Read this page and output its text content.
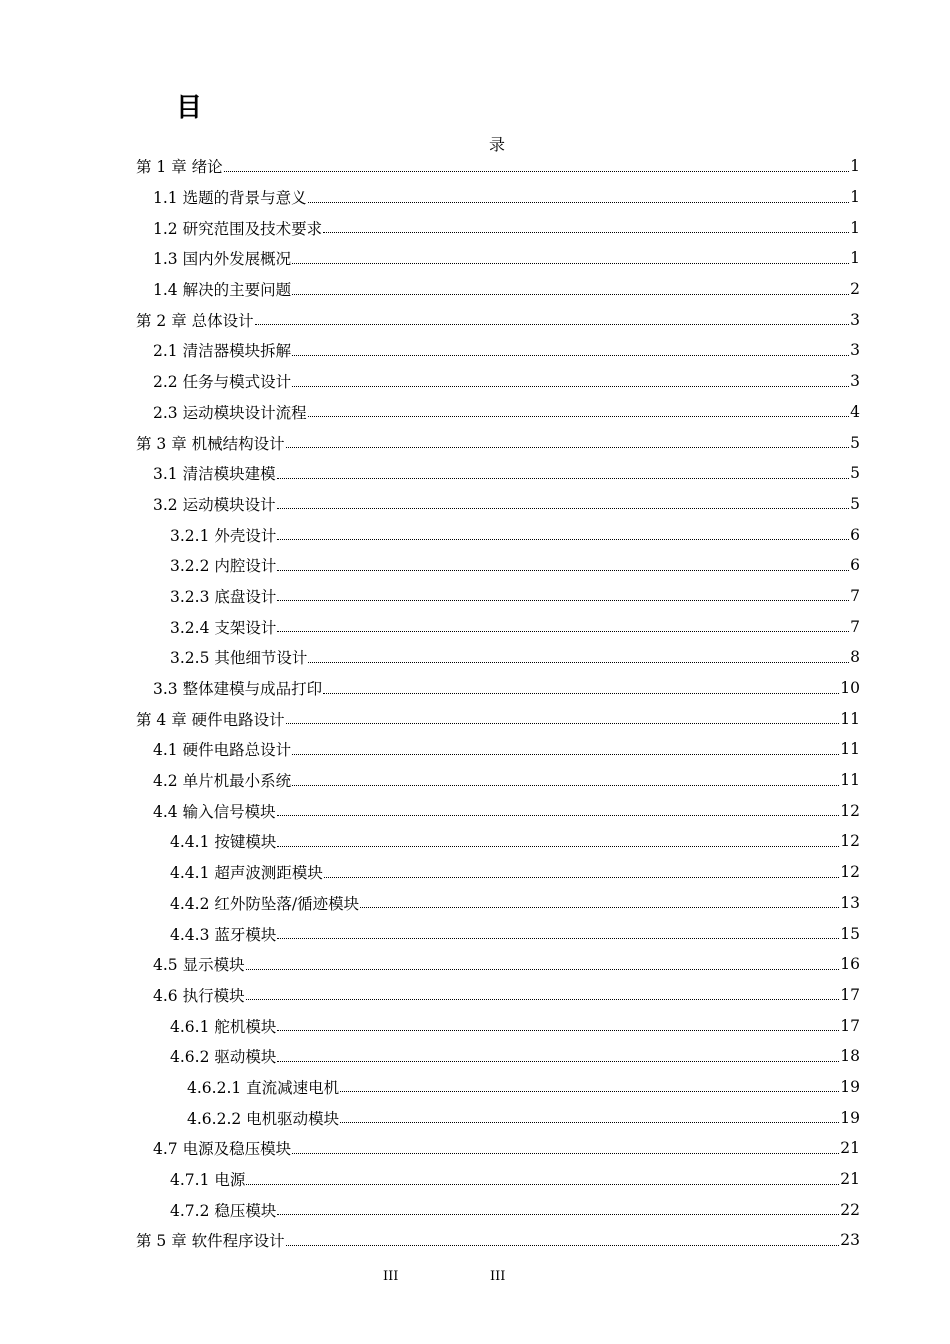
目
录
第 1 章 绪论	1
1.1 选题的背景与意义	1
1.2 研究范围及技术要求	1
1.3 国内外发展概况	1
1.4 解决的主要问题	2
第 2 章 总体设计	3
2.1 清洁器模块拆解	3
2.2 任务与模式设计	3
2.3 运动模块设计流程	4
第 3 章 机械结构设计	5
3.1 清洁模块建模	5
3.2 运动模块设计	5
3.2.1 外壳设计	6
3.2.2 内腔设计	6
3.2.3 底盘设计	7
3.2.4 支架设计	7
3.2.5 其他细节设计	8
3.3 整体建模与成品打印	10
第 4 章 硬件电路设计	11
4.1 硬件电路总设计	11
4.2 单片机最小系统	11
4.4 输入信号模块	12
4.4.1 按键模块	12
4.4.1 超声波测距模块	12
4.4.2 红外防坠落/循迹模块	13
4.4.3 蓝牙模块	15
4.5 显示模块	16
4.6 执行模块	17
4.6.1 舵机模块	17
4.6.2 驱动模块	18
4.6.2.1 直流减速电机	19
4.6.2.2 电机驱动模块	19
4.7 电源及稳压模块	21
4.7.1 电源	21
4.7.2 稳压模块	22
第 5 章 软件程序设计	23
III	III
